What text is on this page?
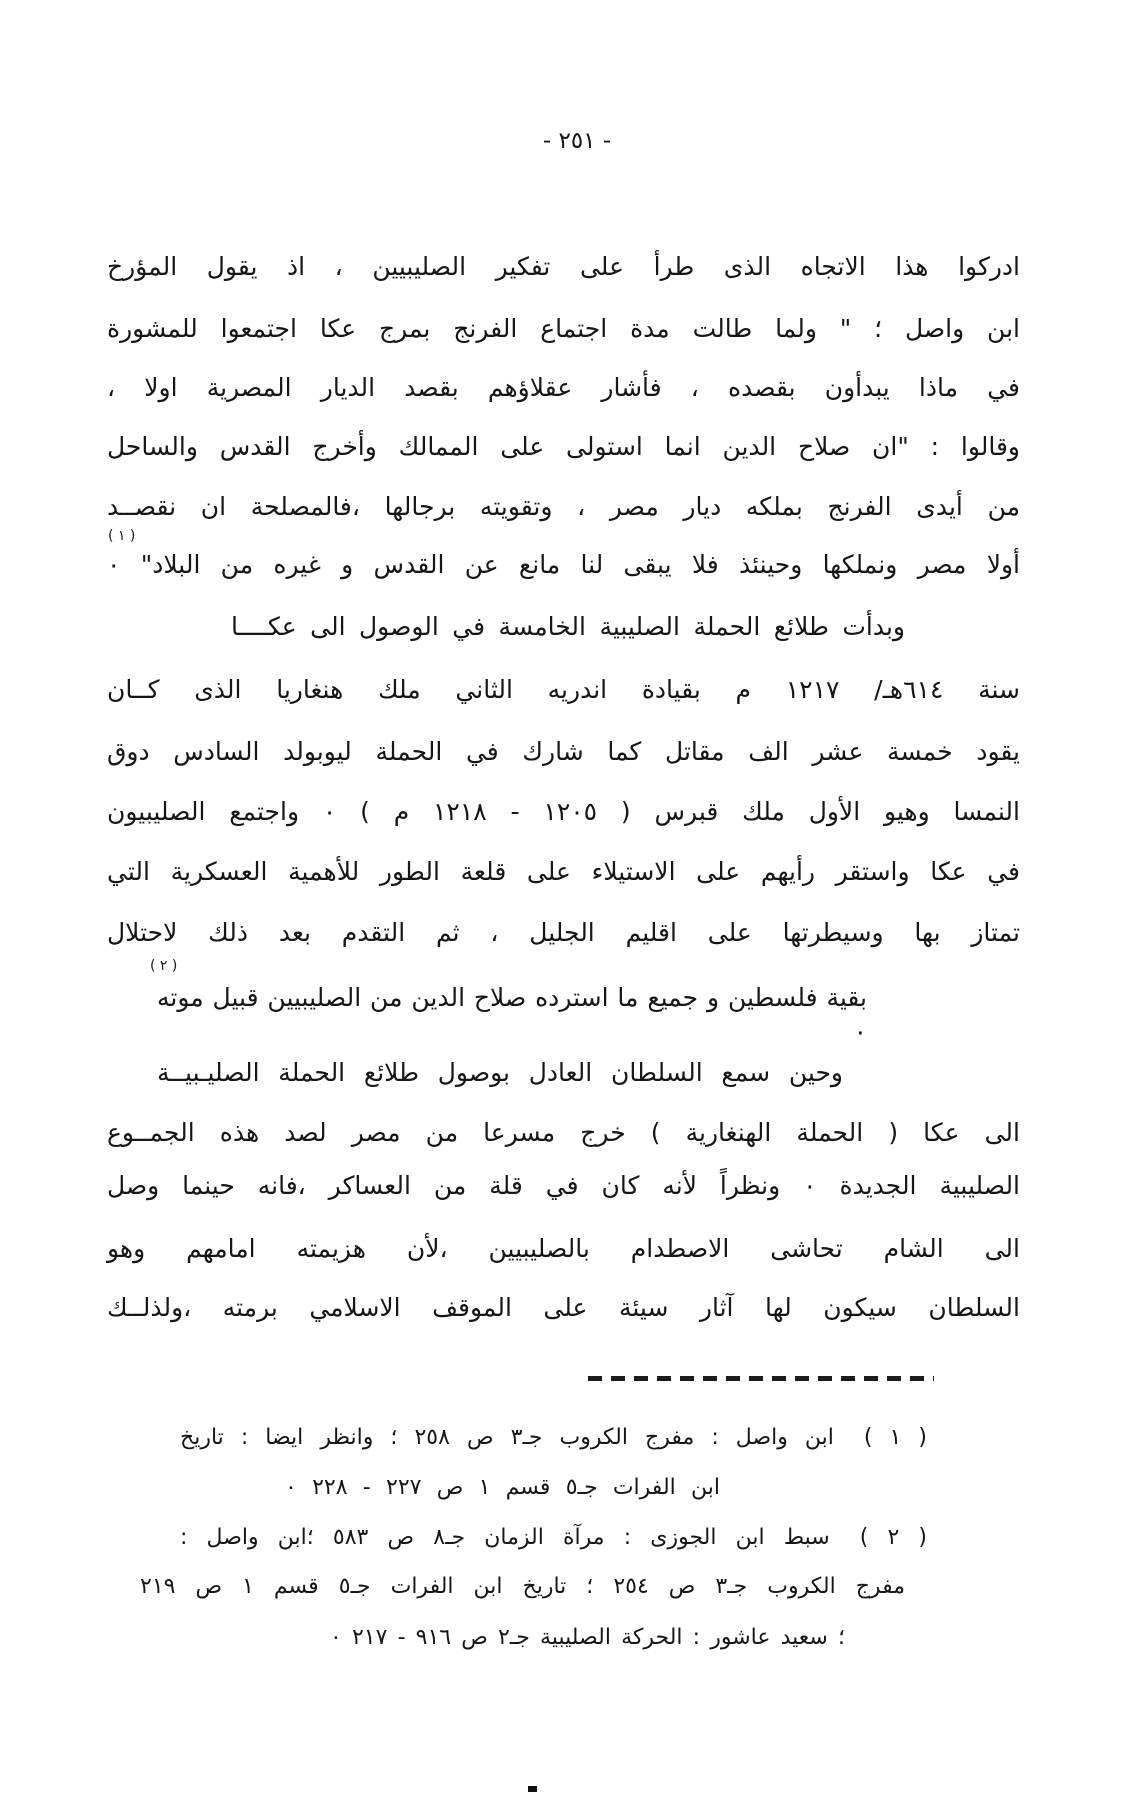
- ٢٥١ -
ادركوا هذا الاتجاه الذى طرأ على تفكير الصليبيين ، اذ يقول المؤرخ
ابن واصل ؛ " ولما طالت مدة اجتماع الفرنج بمرج عكا اجتمعوا للمشورة
في ماذا يبدأون بقصده ، فأشار عقلاؤهم بقصد الديار المصرية اولا ،
وقالوا : "ان صلاح الدين انما استولى على الممالك وأخرج القدس والساحل
من أيدى الفرنج بملكه ديار مصر ، وتقويته برجالها ،فالمصلحة ان نقصــد
أولا مصر ونملكها وحينئذ فلا يبقى لنا مانع عن القدس و غيره من البلاد" ٠
( ١ )
وبدأت طلائع الحملة الصليبية الخامسة في الوصول الى عكــــا
سنة ٦١٤هـ/ ١٢١٧ م بقيادة اندريه الثاني ملك هنغاريا الذى كــان
يقود خمسة عشر الف مقاتل كما شارك في الحملة ليوبولد السادس دوق
النمسا وهيو الأول ملك قبرس ( ١٢٠٥ - ١٢١٨ م ) ٠ واجتمع الصليبيون
في عكا واستقر رأيهم على الاستيلاء على قلعة الطور للأهمية العسكرية التي
تمتاز بها وسيطرتها على اقليم الجليل ، ثم التقدم بعد ذلك لاحتلال
بقية فلسطين و جميع ما استرده صلاح الدين من الصليبيين قبيل موته ٠
( ٢ )
وحين سمع السلطان العادل بوصول طلائع الحملة الصليـبيــة
الى عكا ( الحملة الهنغارية ) خرج مسرعا من مصر لصد هذه الجمــوع
الصليبية الجديدة ٠ ونظراً لأنه كان في قلة من العساكر ،فانه حينما وصل
الى الشام تحاشى الاصطدام بالصليبيين ،لأن هزيمته امامهم وهو
السلطان سيكون لها آثار سيئة على الموقف الاسلامي برمته ،ولذلــك
( ١ )ابن واصل : مفرج الكروب جـ٣ ص ٢٥٨ ؛ وانظر ايضا : تاريخ
ابن الفرات جـ٥ قسم ١ ص ٢٢٧ - ٢٢٨ ٠
( ٢ )سبط ابن الجوزى : مرآة الزمان جـ٨ ص ٥٨٣ ؛ابن واصل :
مفرج الكروب جـ٣ ص ٢٥٤ ؛ تاريخ ابن الفرات جـ٥ قسم ١ ص ٢١٩
؛ سعيد عاشور : الحركة الصليبية جـ٢ ص ٩١٦ - ٢١٧ ٠
